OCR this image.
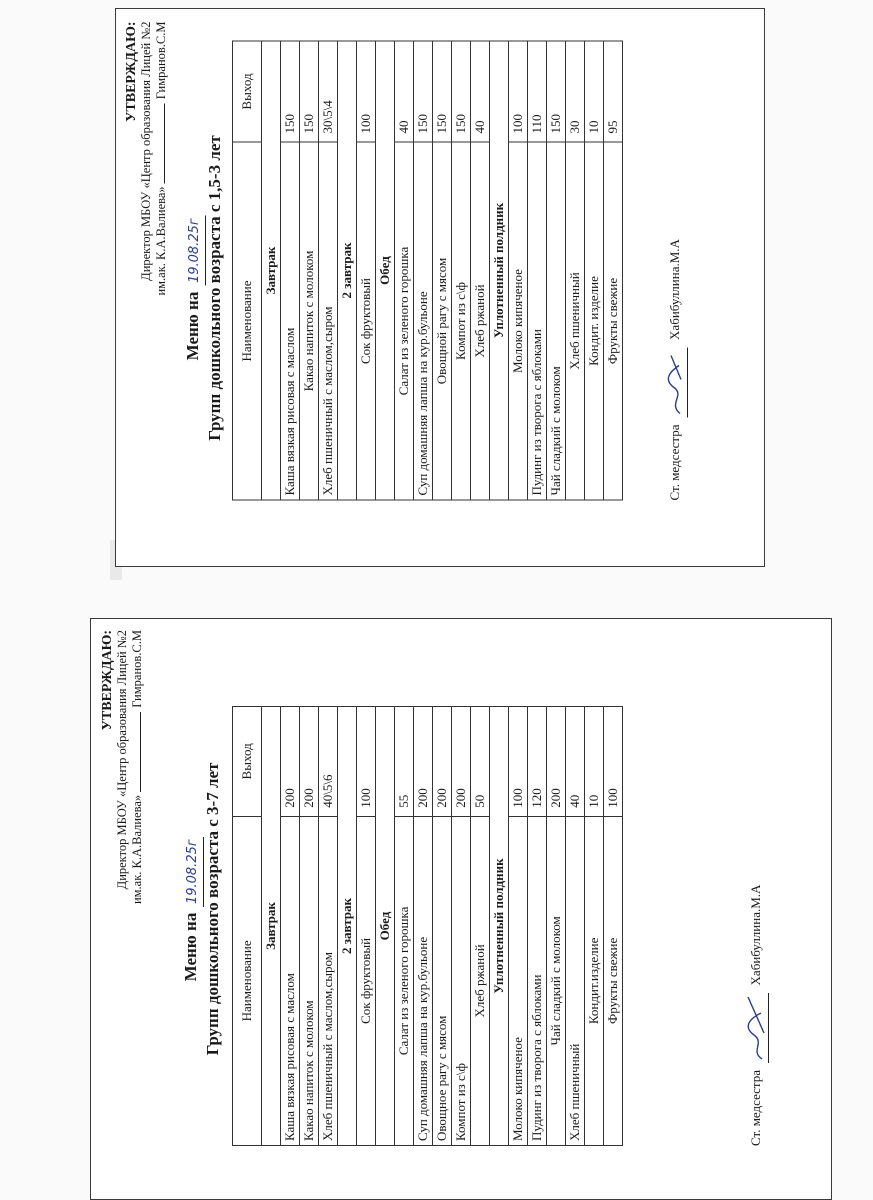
УТВЕРЖДАЮ: Директор МБОУ «Центр образования Лицей №2 им.ак. К.А.Валиева» Гимранов.С.М
Меню на19.08.25г Групп дошкольного возраста с 1,5-3 лет Наименование	Выход
Завтрак	
Каша вязкая рисовая с маслом	150
Какао напиток с молоком	150
Хлеб пшеничный с маслом,сыром	30\5\4
2 завтрак	
Сок фруктовый	100
Обед	
Салат из зеленого горошка	40
Суп домашняя лапша на кур.бульоне	150
Овощной рагу с мясом	150
Компот из с\ф	150
Хлеб ржаной	40
Уплотненный полдник	
Молоко кипяченое	100
Пудинг из творога с яблоками	110
Чай сладкий с молоком	150
Хлеб пшеничный	30
Кондит. изделие	10
Фрукты свежие	95
Ст. медсестра  Хабибуллина.М.А
УТВЕРЖДАЮ: Директор МБОУ «Центр образования Лицей №2 им.ак. К.А.Валиева» Гимранов.С.М
Меню на19.08.25г Групп дошкольного возраста с 3-7 лет Наименование	Выход
Завтрак	
Каша вязкая рисовая с маслом	200
Какао напиток с молоком	200
Хлеб пшеничный с маслом,сыром	40\5\6
2 завтрак	
Сок фруктовый	100
Обед	
Салат из зеленого горошка	55
Суп домашняя лапша на кур.бульоне	200
Овощное рагу с мясом	200
Компот из с\ф	200
Хлеб ржаной	50
Уплотненный полдник	
Молоко кипяченое	100
Пудинг из творога с яблоками	120
Чай сладкий с молоком	200
Хлеб пшеничный	40
Кондит.изделие	10
Фрукты свежие	100
Ст. медсестра  Хабибуллина.М.А
